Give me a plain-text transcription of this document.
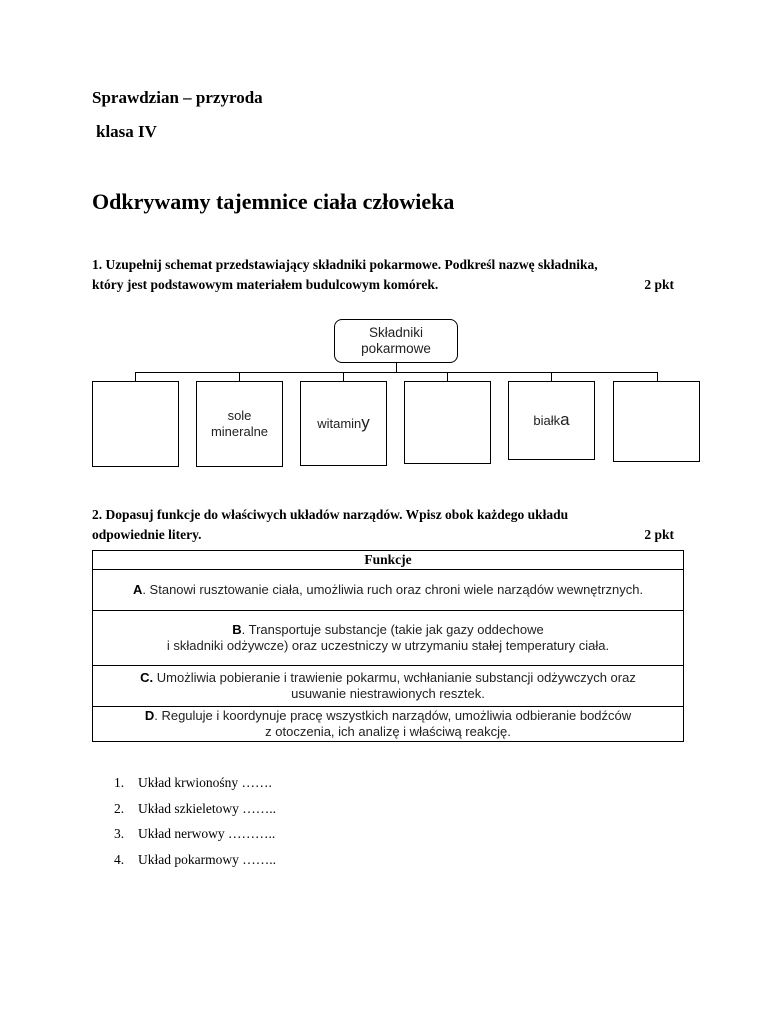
Sprawdzian – przyroda
klasa IV
Odkrywamy tajemnice ciała człowieka
1. Uzupełnij schemat przedstawiający składniki pokarmowe. Podkreśl nazwę składnika,
który jest podstawowym materiałem budulcowym komórek.	2 pkt
Składniki
pokarmowe
sole
mineralne
witaminy	białka
2. Dopasuj funkcje do właściwych układów narządów. Wpisz obok każdego układu
odpowiednie litery.	2 pkt
Funkcje
A. Stanowi rusztowanie ciała, umożliwia ruch oraz chroni wiele narządów wewnętrznych.

B. Transportuje substancje (takie jak gazy oddechowe
i składniki odżywcze) oraz uczestniczy w utrzymaniu stałej temperatury ciała.

C. Umożliwia pobieranie i trawienie pokarmu, wchłanianie substancji odżywczych oraz
usuwanie niestrawionych resztek.

D. Reguluje i koordynuje pracę wszystkich narządów, umożliwia odbieranie bodźców
z otoczenia, ich analizę i właściwą reakcję.
1. Układ krwionośny …….
2. Układ szkieletowy ……..
3. Układ nerwowy ………..
4. Układ pokarmowy ……..
